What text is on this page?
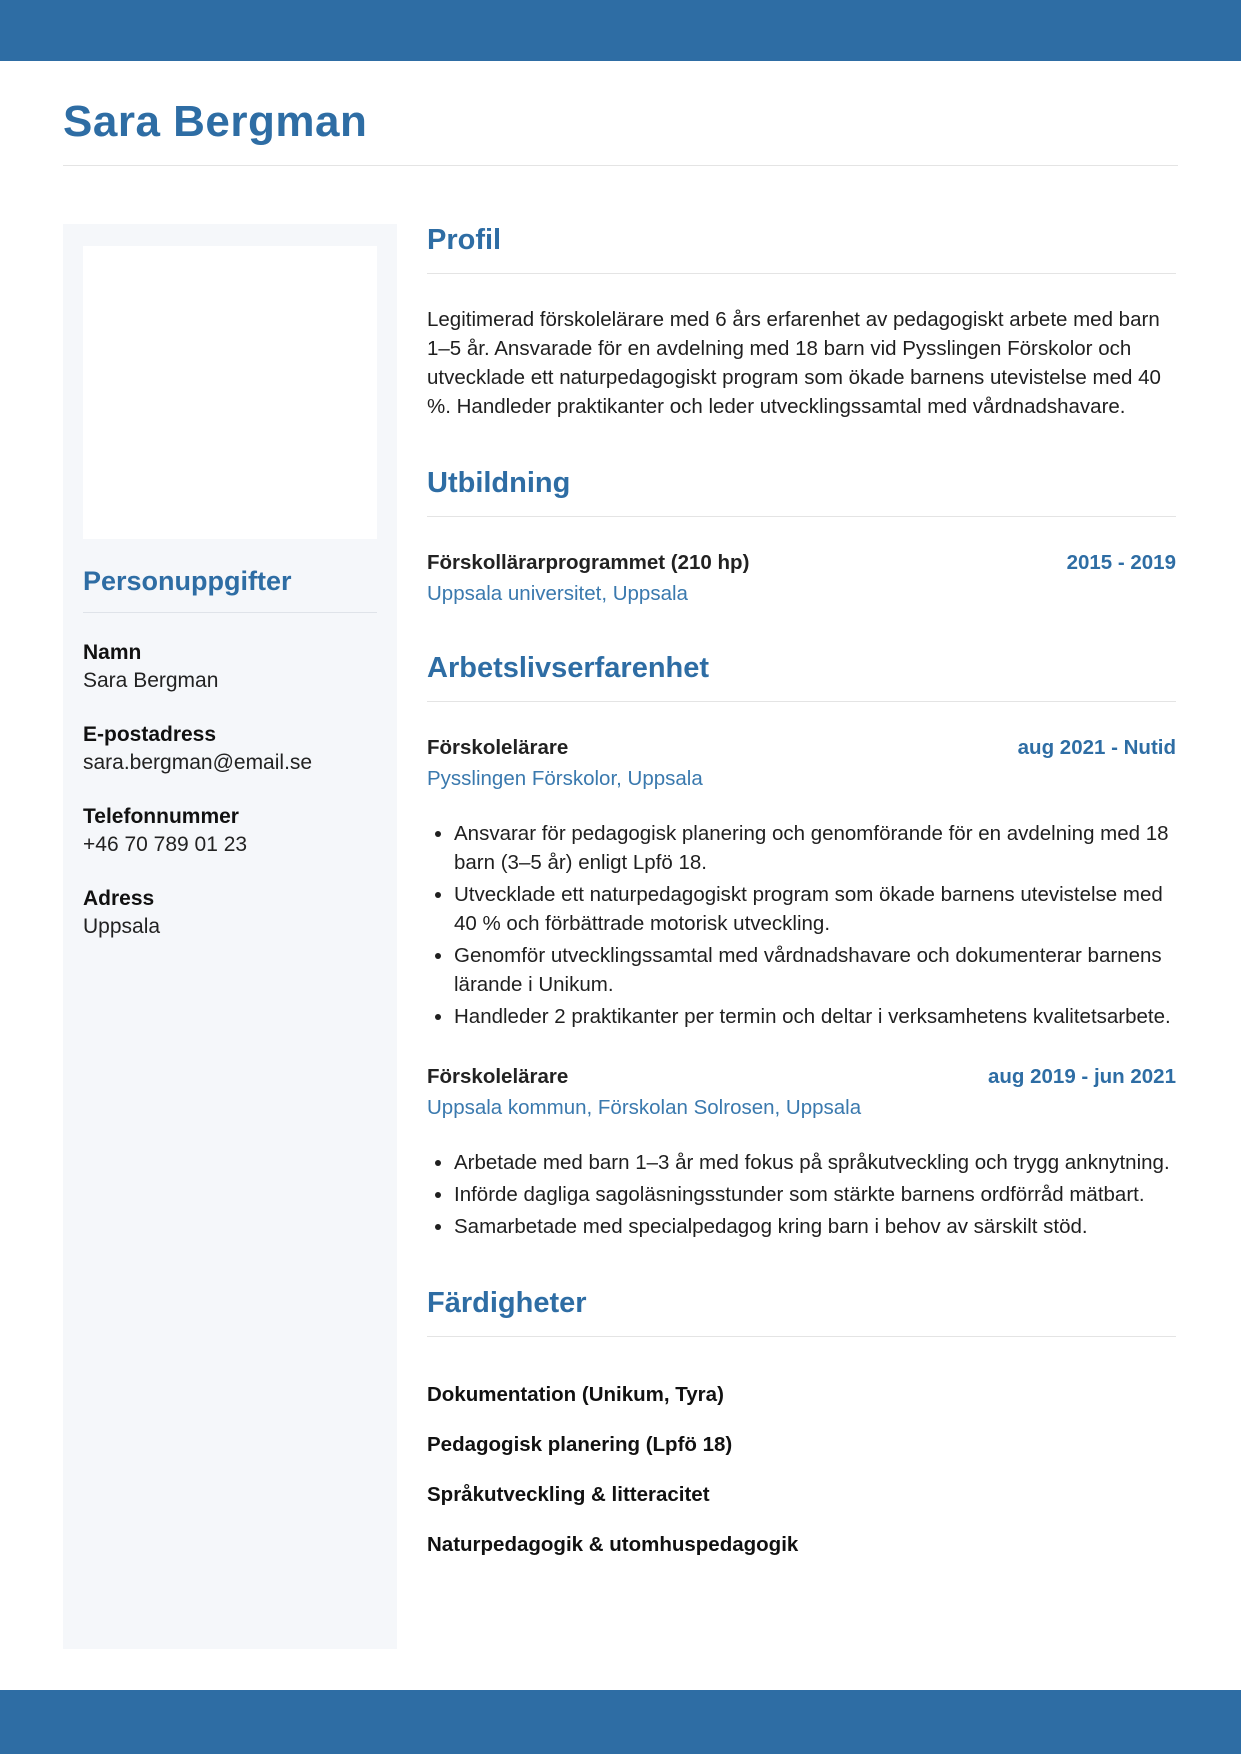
Sara Bergman
Personuppgifter
Namn
Sara Bergman
E-postadress
sara.bergman@email.se
Telefonnummer
+46 70 789 01 23
Adress
Uppsala
Profil

Legitimerad förskolelärare med 6 års erfarenhet av pedagogiskt arbete med barn 1–5 år. Ansvarade för en avdelning med 18 barn vid Pysslingen Förskolor och utvecklade ett naturpedagogiskt program som ökade barnens utevistelse med 40 %. Handleder praktikanter och leder utvecklingssamtal med vårdnadshavare.

Utbildning
Förskollärarprogrammet (210 hp)	2015 - 2019
Uppsala universitet, Uppsala
Arbetslivserfarenhet
Förskolelärare	aug 2021 - Nutid
Pysslingen Förskolor, Uppsala
• Ansvarar för pedagogisk planering och genomförande för en avdelning med 18 barn (3–5 år) enligt Lpfö 18.
• Utvecklade ett naturpedagogiskt program som ökade barnens utevistelse med 40 % och förbättrade motorisk utveckling.
• Genomför utvecklingssamtal med vårdnadshavare och dokumenterar barnens lärande i Unikum.
• Handleder 2 praktikanter per termin och deltar i verksamhetens kvalitetsarbete.
Förskolelärare	aug 2019 - jun 2021
Uppsala kommun, Förskolan Solrosen, Uppsala
• Arbetade med barn 1–3 år med fokus på språkutveckling och trygg anknytning.
• Införde dagliga sagoläsningsstunder som stärkte barnens ordförråd mätbart.
• Samarbetade med specialpedagog kring barn i behov av särskilt stöd.
Färdigheter
Dokumentation (Unikum, Tyra)
Pedagogisk planering (Lpfö 18)
Språkutveckling & litteracitet
Naturpedagogik & utomhuspedagogik
